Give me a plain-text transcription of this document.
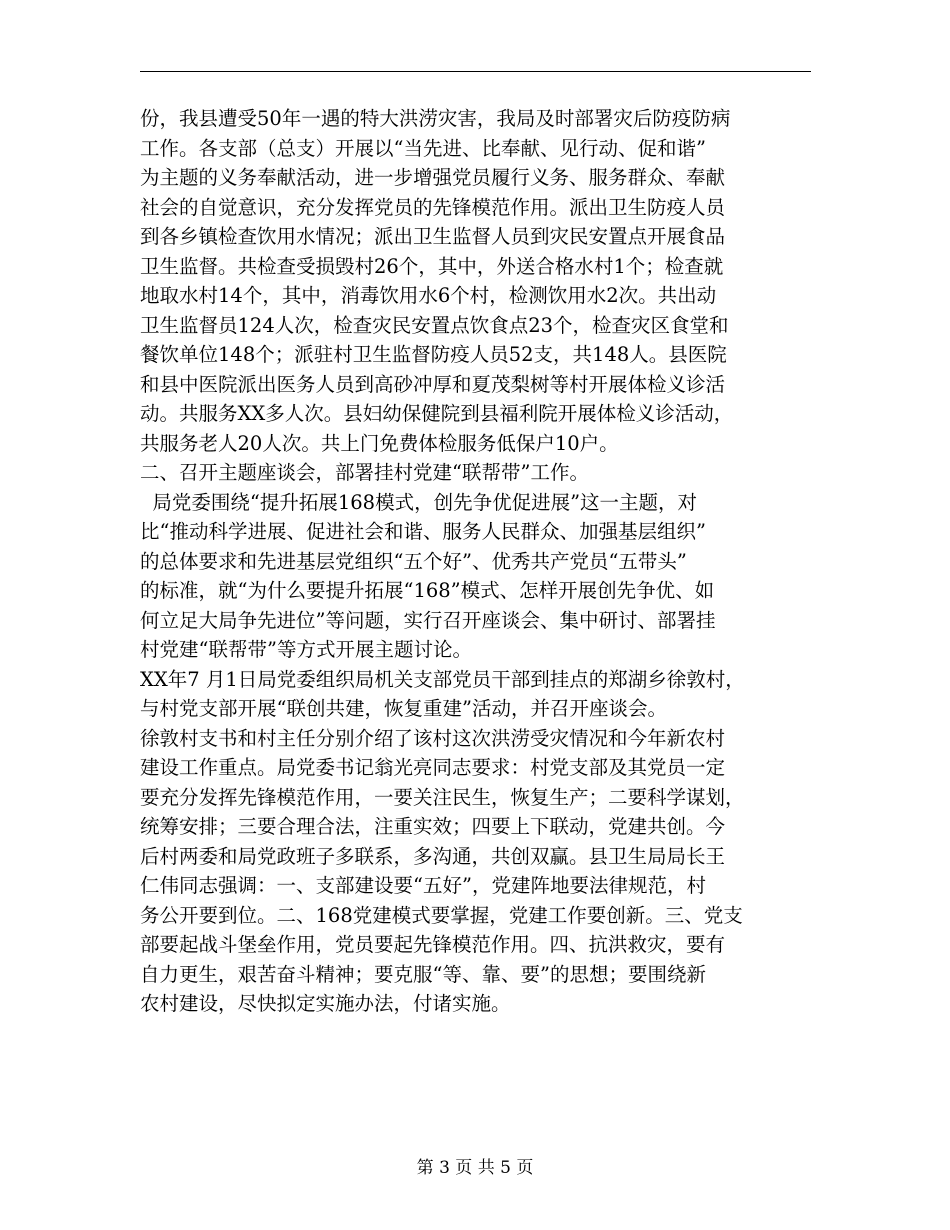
份，我县遭受50年一遇的特大洪涝灾害，我局及时部署灾后防疫防病
工作。各支部（总支）开展以“当先进、比奉献、见行动、促和谐”
为主题的义务奉献活动，进一步增强党员履行义务、服务群众、奉献
社会的自觉意识，充分发挥党员的先锋模范作用。派出卫生防疫人员
到各乡镇检查饮用水情况；派出卫生监督人员到灾民安置点开展食品
卫生监督。共检查受损毁村26个，其中，外送合格水村1个；检查就
地取水村14个，其中，消毒饮用水6个村，检测饮用水2次。共出动
卫生监督员124人次，检查灾民安置点饮食点23个，检查灾区食堂和
餐饮单位148个；派驻村卫生监督防疫人员52支，共148人。县医院
和县中医院派出医务人员到高砂冲厚和夏茂梨树等村开展体检义诊活
动。共服务XX多人次。县妇幼保健院到县福利院开展体检义诊活动，
共服务老人20人次。共上门免费体检服务低保户10户。
二、召开主题座谈会，部署挂村党建“联帮带”工作。
局党委围绕“提升拓展168模式，创先争优促进展”这一主题，对
比“推动科学进展、促进社会和谐、服务人民群众、加强基层组织”
的总体要求和先进基层党组织“五个好”、优秀共产党员“五带头”
的标准，就“为什么要提升拓展“168”模式、怎样开展创先争优、如
何立足大局争先进位”等问题，实行召开座谈会、集中研讨、部署挂
村党建“联帮带”等方式开展主题讨论。
XX年7 月1日局党委组织局机关支部党员干部到挂点的郑湖乡徐敦村，
与村党支部开展“联创共建，恢复重建”活动，并召开座谈会。
徐敦村支书和村主任分别介绍了该村这次洪涝受灾情况和今年新农村
建设工作重点。局党委书记翁光亮同志要求：村党支部及其党员一定
要充分发挥先锋模范作用，一要关注民生，恢复生产；二要科学谋划，
统筹安排；三要合理合法，注重实效；四要上下联动，党建共创。今
后村两委和局党政班子多联系，多沟通，共创双赢。县卫生局局长王
仁伟同志强调：一、支部建设要“五好”，党建阵地要法律规范，村
务公开要到位。二、168党建模式要掌握，党建工作要创新。三、党支
部要起战斗堡垒作用，党员要起先锋模范作用。四、抗洪救灾，要有
自力更生，艰苦奋斗精神；要克服“等、靠、要”的思想；要围绕新
农村建设，尽快拟定实施办法，付诸实施。
第 3 页 共 5 页
